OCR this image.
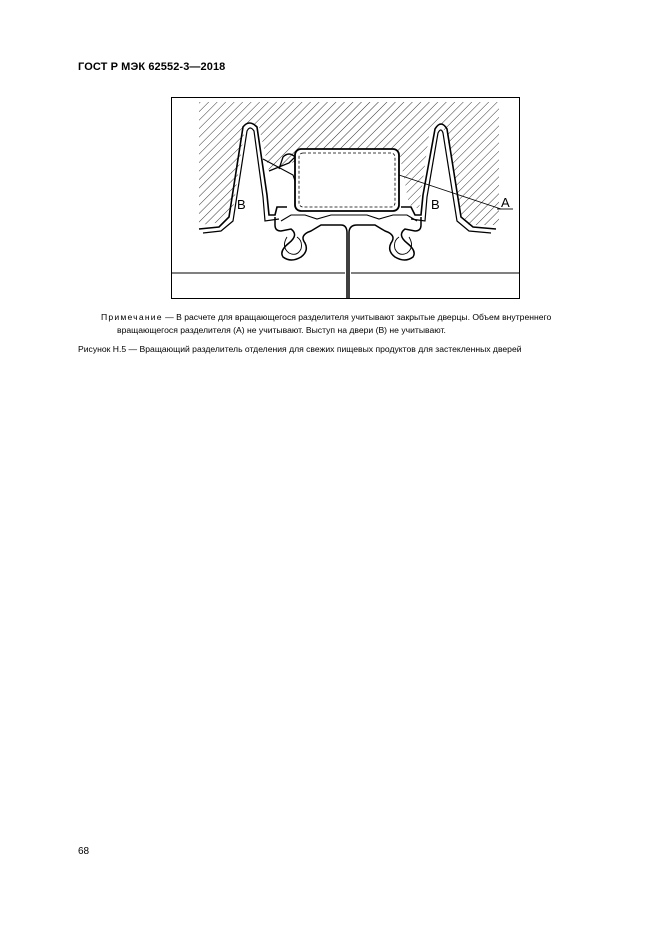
ГОСТ Р МЭК 62552-3—2018
В	В	А
Примечание — В расчете для вращающегося разделителя учитывают закрытые дверцы. Объем внутреннего
вращающегося разделителя (А) не учитывают. Выступ на двери (В) не учитывают.
Рисунок Н.5 — Вращающий разделитель отделения для свежих пищевых продуктов для застекленных дверей
68
